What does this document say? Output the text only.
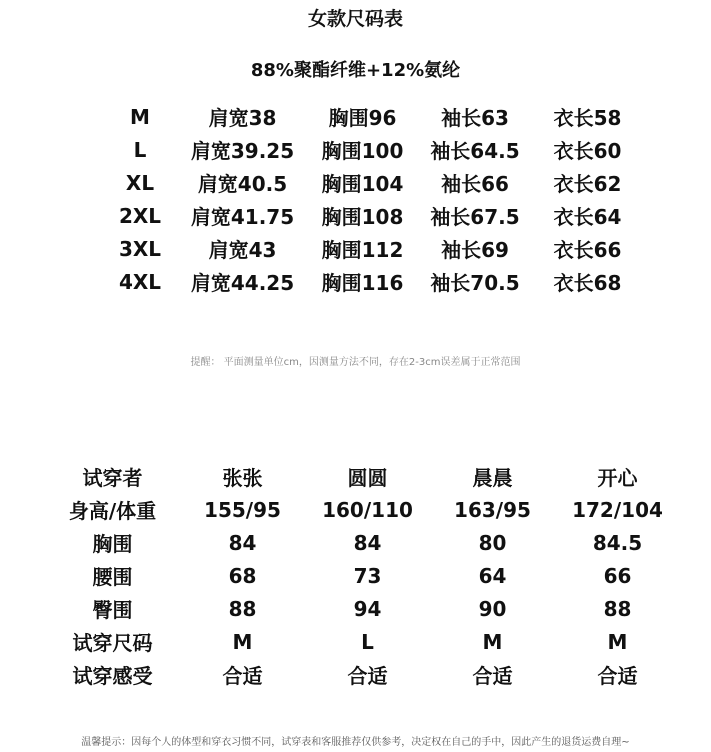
女款尺码表
88%聚酯纤维+12%氨纶
M	肩宽38	胸围96	袖长63	衣长58
L	肩宽39.25	胸围100	袖长64.5	衣长60
XL	肩宽40.5	胸围104	袖长66	衣长62
2XL	肩宽41.75	胸围108	袖长67.5	衣长64
3XL	肩宽43	胸围112	袖长69	衣长66
4XL	肩宽44.25	胸围116	袖长70.5	衣长68
提醒： 平面测量单位cm，因测量方法不同，存在2-3cm误差属于正常范围
试穿者	张张	圆圆	晨晨	开心
身高/体重	155/95	160/110	163/95	172/104
胸围	84	84	80	84.5
腰围	68	73	64	66
臀围	88	94	90	88
试穿尺码	M	L	M	M
试穿感受	合适	合适	合适	合适
温馨提示：因每个人的体型和穿衣习惯不同，试穿表和客服推荐仅供参考，决定权在自己的手中，因此产生的退货运费自理~
